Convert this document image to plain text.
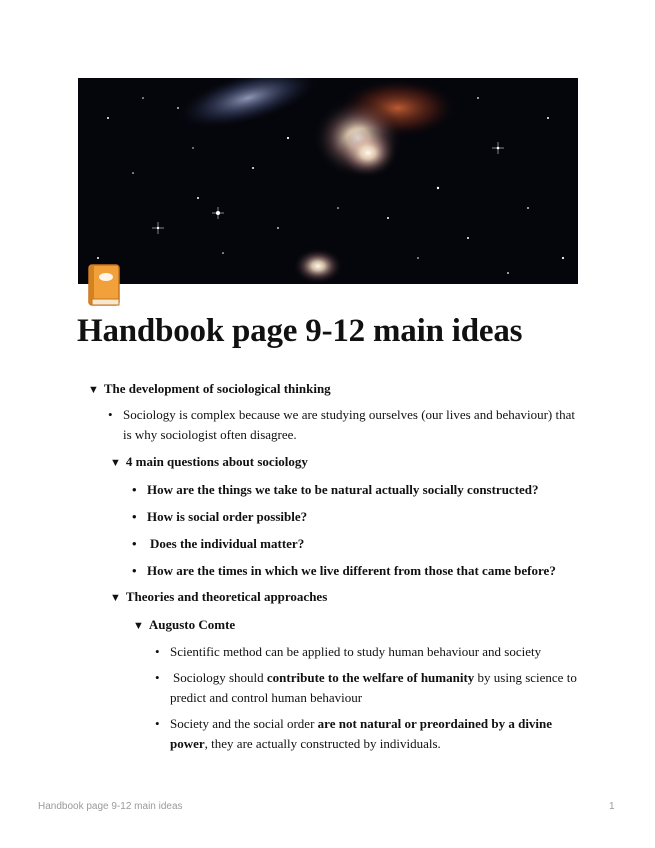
Handbook page 9-12 main ideas
▼ The development of sociological thinking
• Sociology is complex because we are studying ourselves (our lives and behaviour) that is why sociologist often disagree.
▼ 4 main questions about sociology
• How are the things we take to be natural actually socially constructed?
• How is social order possible?
• Does the individual matter?
• How are the times in which we live different from those that came before?
▼ Theories and theoretical approaches
▼ Augusto Comte
• Scientific method can be applied to study human behaviour and society
• Sociology should contribute to the welfare of humanity by using science to predict and control human behaviour
• Society and the social order are not natural or preordained by a divine power, they are actually constructed by individuals.
Handbook page 9-12 main ideas	1
